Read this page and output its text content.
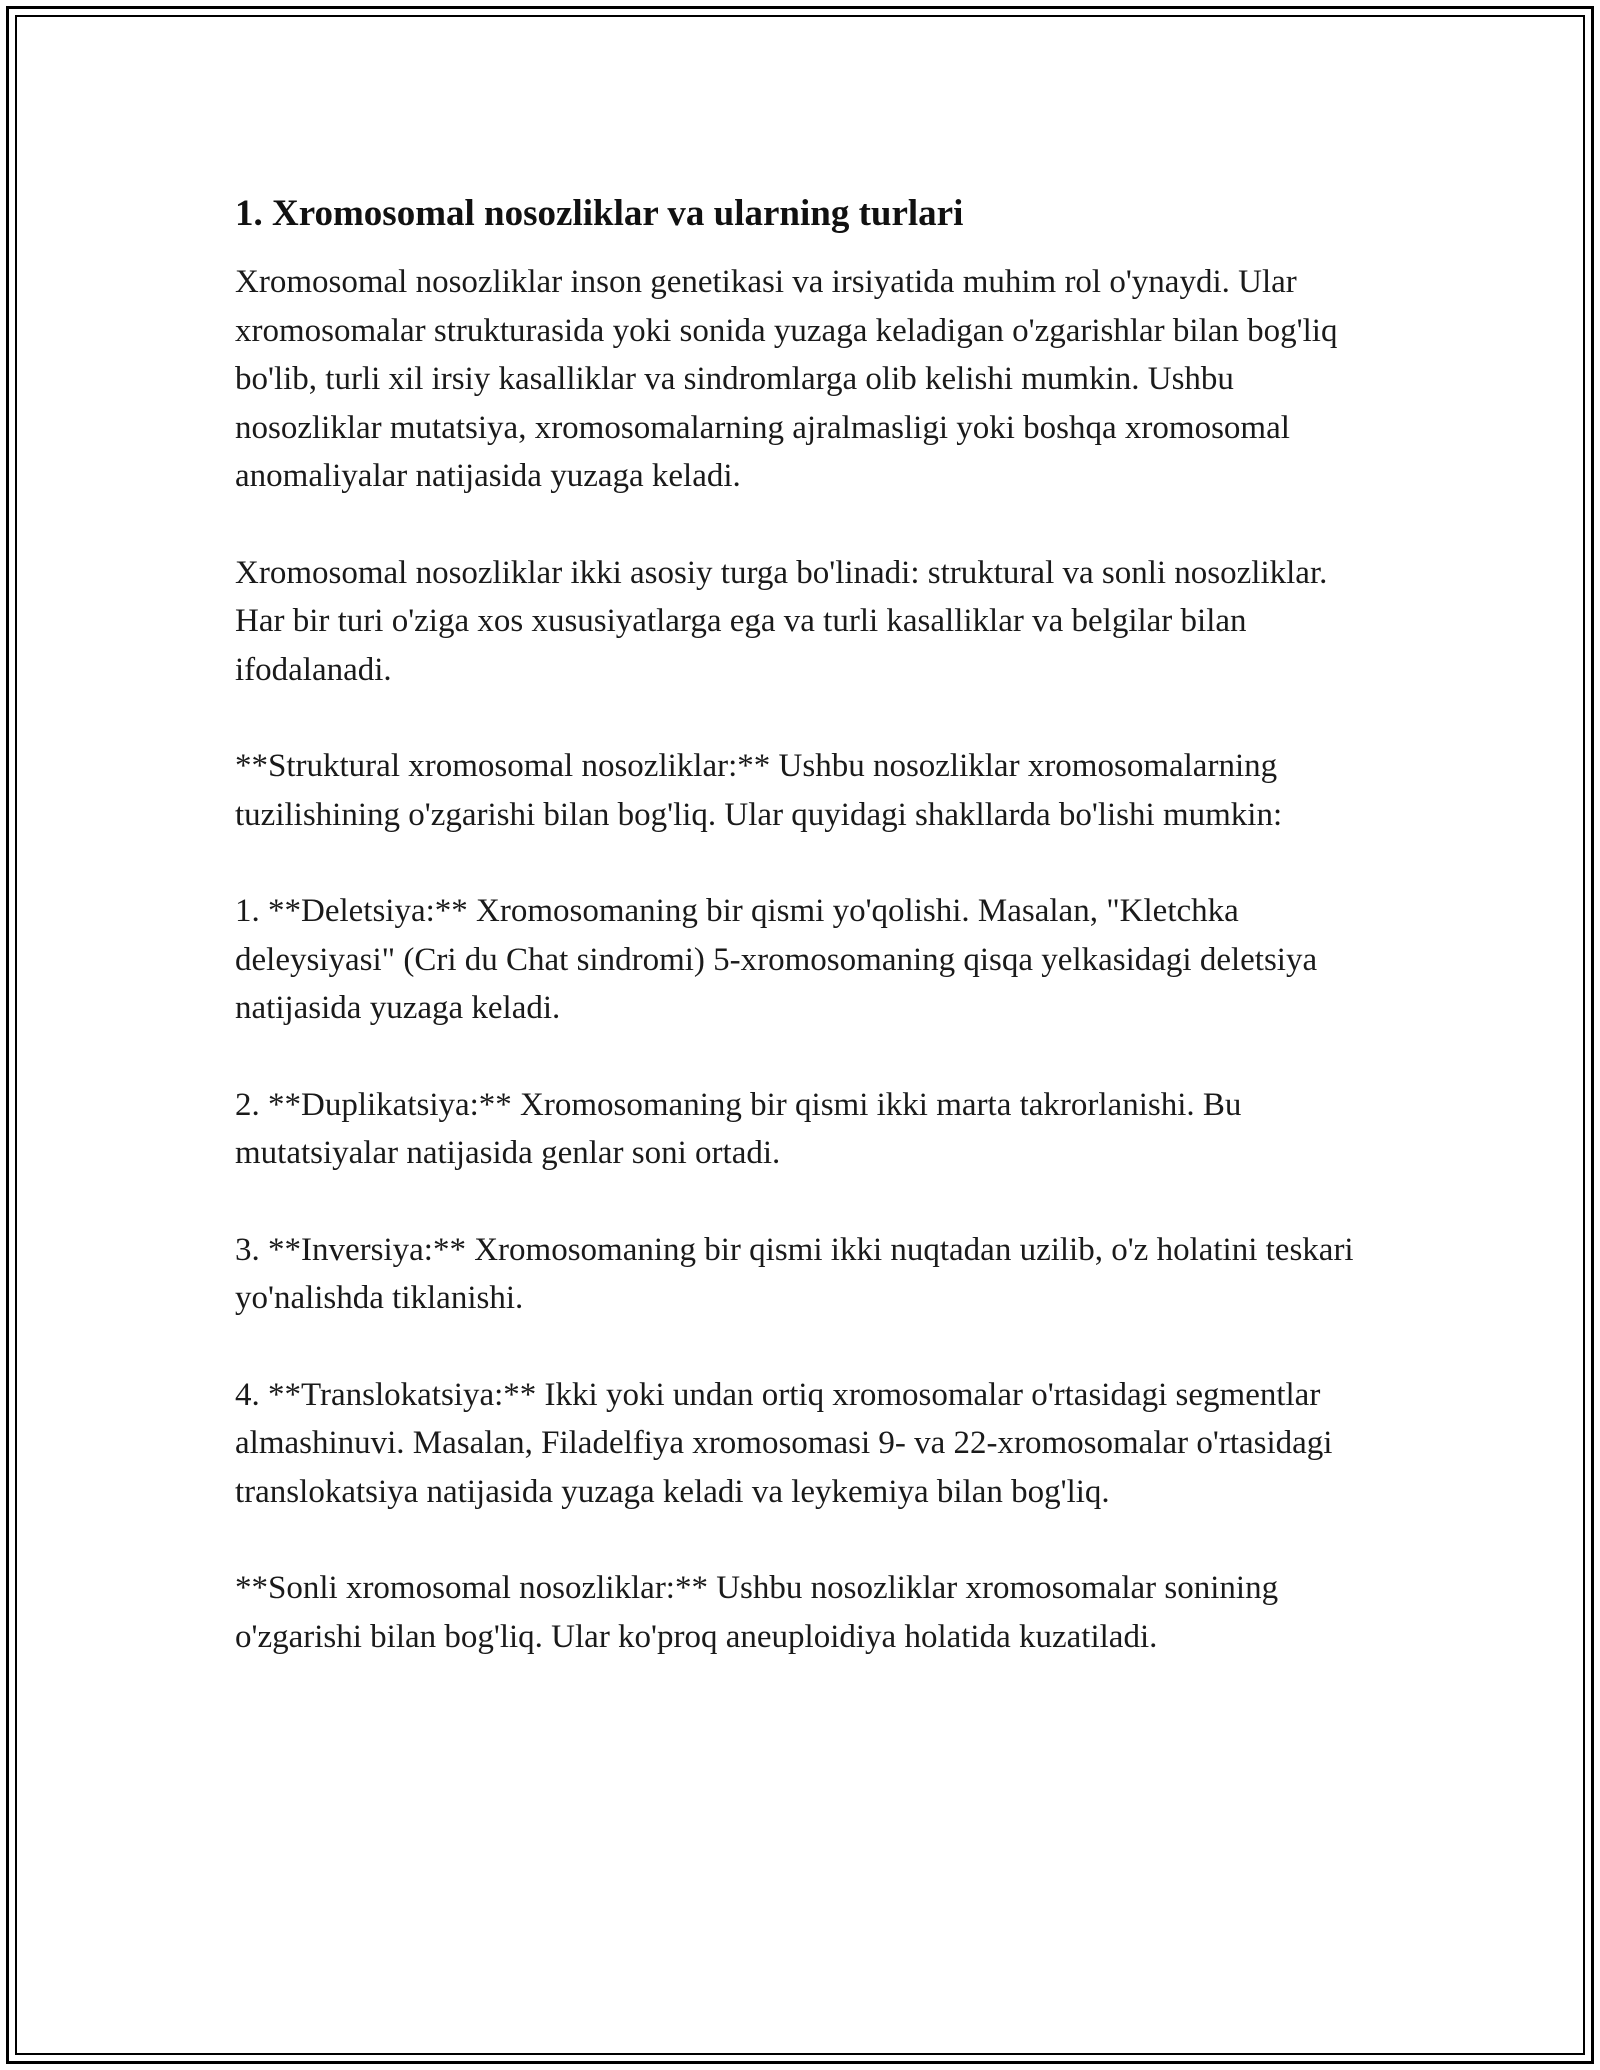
1. Xromosomal nosozliklar va ularning turlari

Xromosomal nosozliklar inson genetikasi va irsiyatida muhim rol o'ynaydi. Ular xromosomalar strukturasida yoki sonida yuzaga keladigan o'zgarishlar bilan bog'liq bo'lib, turli xil irsiy kasalliklar va sindromlarga olib kelishi mumkin. Ushbu nosozliklar mutatsiya, xromosomalarning ajralmasligi yoki boshqa xromosomal anomaliyalar natijasida yuzaga keladi.

Xromosomal nosozliklar ikki asosiy turga bo'linadi: struktural va sonli nosozliklar. Har bir turi o'ziga xos xususiyatlarga ega va turli kasalliklar va belgilar bilan ifodalanadi.

**Struktural xromosomal nosozliklar:** Ushbu nosozliklar xromosomalarning tuzilishining o'zgarishi bilan bog'liq. Ular quyidagi shakllarda bo'lishi mumkin:

1. **Deletsiya:** Xromosomaning bir qismi yo'qolishi. Masalan, "Kletchka deleysiyasi" (Cri du Chat sindromi) 5-xromosomaning qisqa yelkasidagi deletsiya natijasida yuzaga keladi.

2. **Duplikatsiya:** Xromosomaning bir qismi ikki marta takrorlanishi. Bu mutatsiyalar natijasida genlar soni ortadi.

3. **Inversiya:** Xromosomaning bir qismi ikki nuqtadan uzilib, o'z holatini teskari yo'nalishda tiklanishi.

4. **Translokatsiya:** Ikki yoki undan ortiq xromosomalar o'rtasidagi segmentlar almashinuvi. Masalan, Filadelfiya xromosomasi 9- va 22-xromosomalar o'rtasidagi translokatsiya natijasida yuzaga keladi va leykemiya bilan bog'liq.

**Sonli xromosomal nosozliklar:** Ushbu nosozliklar xromosomalar sonining o'zgarishi bilan bog'liq. Ular ko'proq aneuploidiya holatida kuzatiladi.
